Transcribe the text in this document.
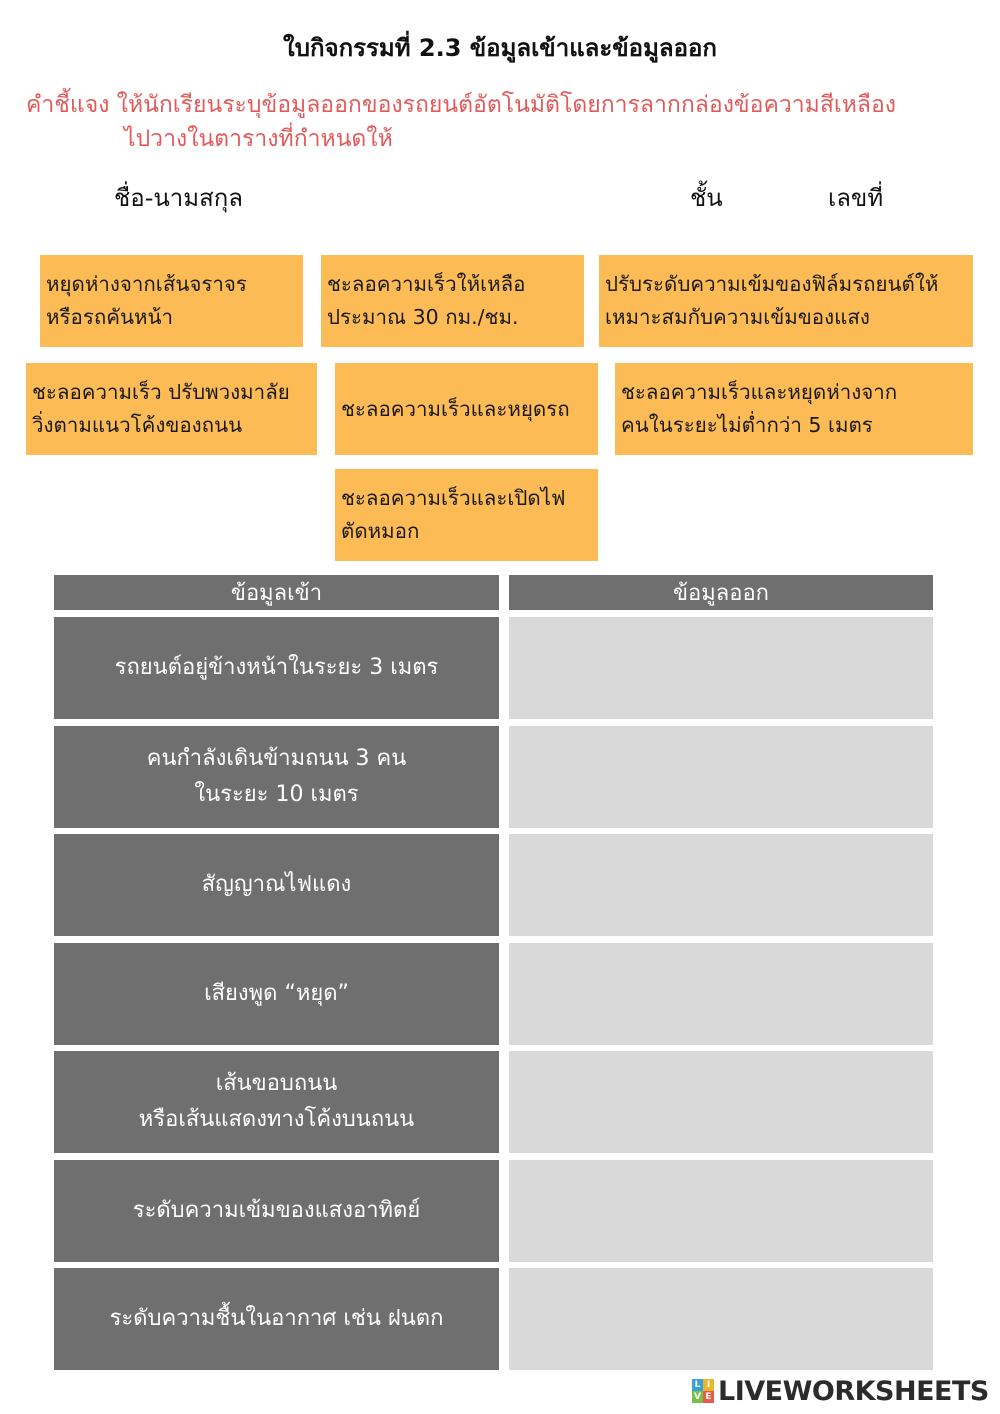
ใบกิจกรรมที่ 2.3 ข้อมูลเข้าและข้อมูลออก
คำชี้แจง ให้นักเรียนระบุข้อมูลออกของรถยนต์อัตโนมัติโดยการลากกล่องข้อความสีเหลือง
ไปวางในตารางที่กำหนดให้
ชื่อ-นามสกุล	ชั้น	เลขที่
หยุดห่างจากเส้นจราจร
หรือรถคันหน้า
ชะลอความเร็วให้เหลือ
ประมาณ 30 กม./ชม.
ปรับระดับความเข้มของฟิล์มรถยนต์ให้
เหมาะสมกับความเข้มของแสง
ชะลอความเร็ว ปรับพวงมาลัย
วิ่งตามแนวโค้งของถนน
ชะลอความเร็วและหยุดรถ
ชะลอความเร็วและหยุดห่างจาก
คนในระยะไม่ต่ำกว่า 5 เมตร
ชะลอความเร็วและเปิดไฟ
ตัดหมอก
ข้อมูลเข้า	ข้อมูลออก
รถยนต์อยู่ข้างหน้าในระยะ 3 เมตร
คนกำลังเดินข้ามถนน 3 คน
ในระยะ 10 เมตร
สัญญาณไฟแดง
เสียงพูด “หยุด”
เส้นขอบถนน
หรือเส้นแสดงทางโค้งบนถนน
ระดับความเข้มของแสงอาทิตย์
ระดับความชื้นในอากาศ เช่น ฝนตก
L I
V E LIVEWORKSHEETS
